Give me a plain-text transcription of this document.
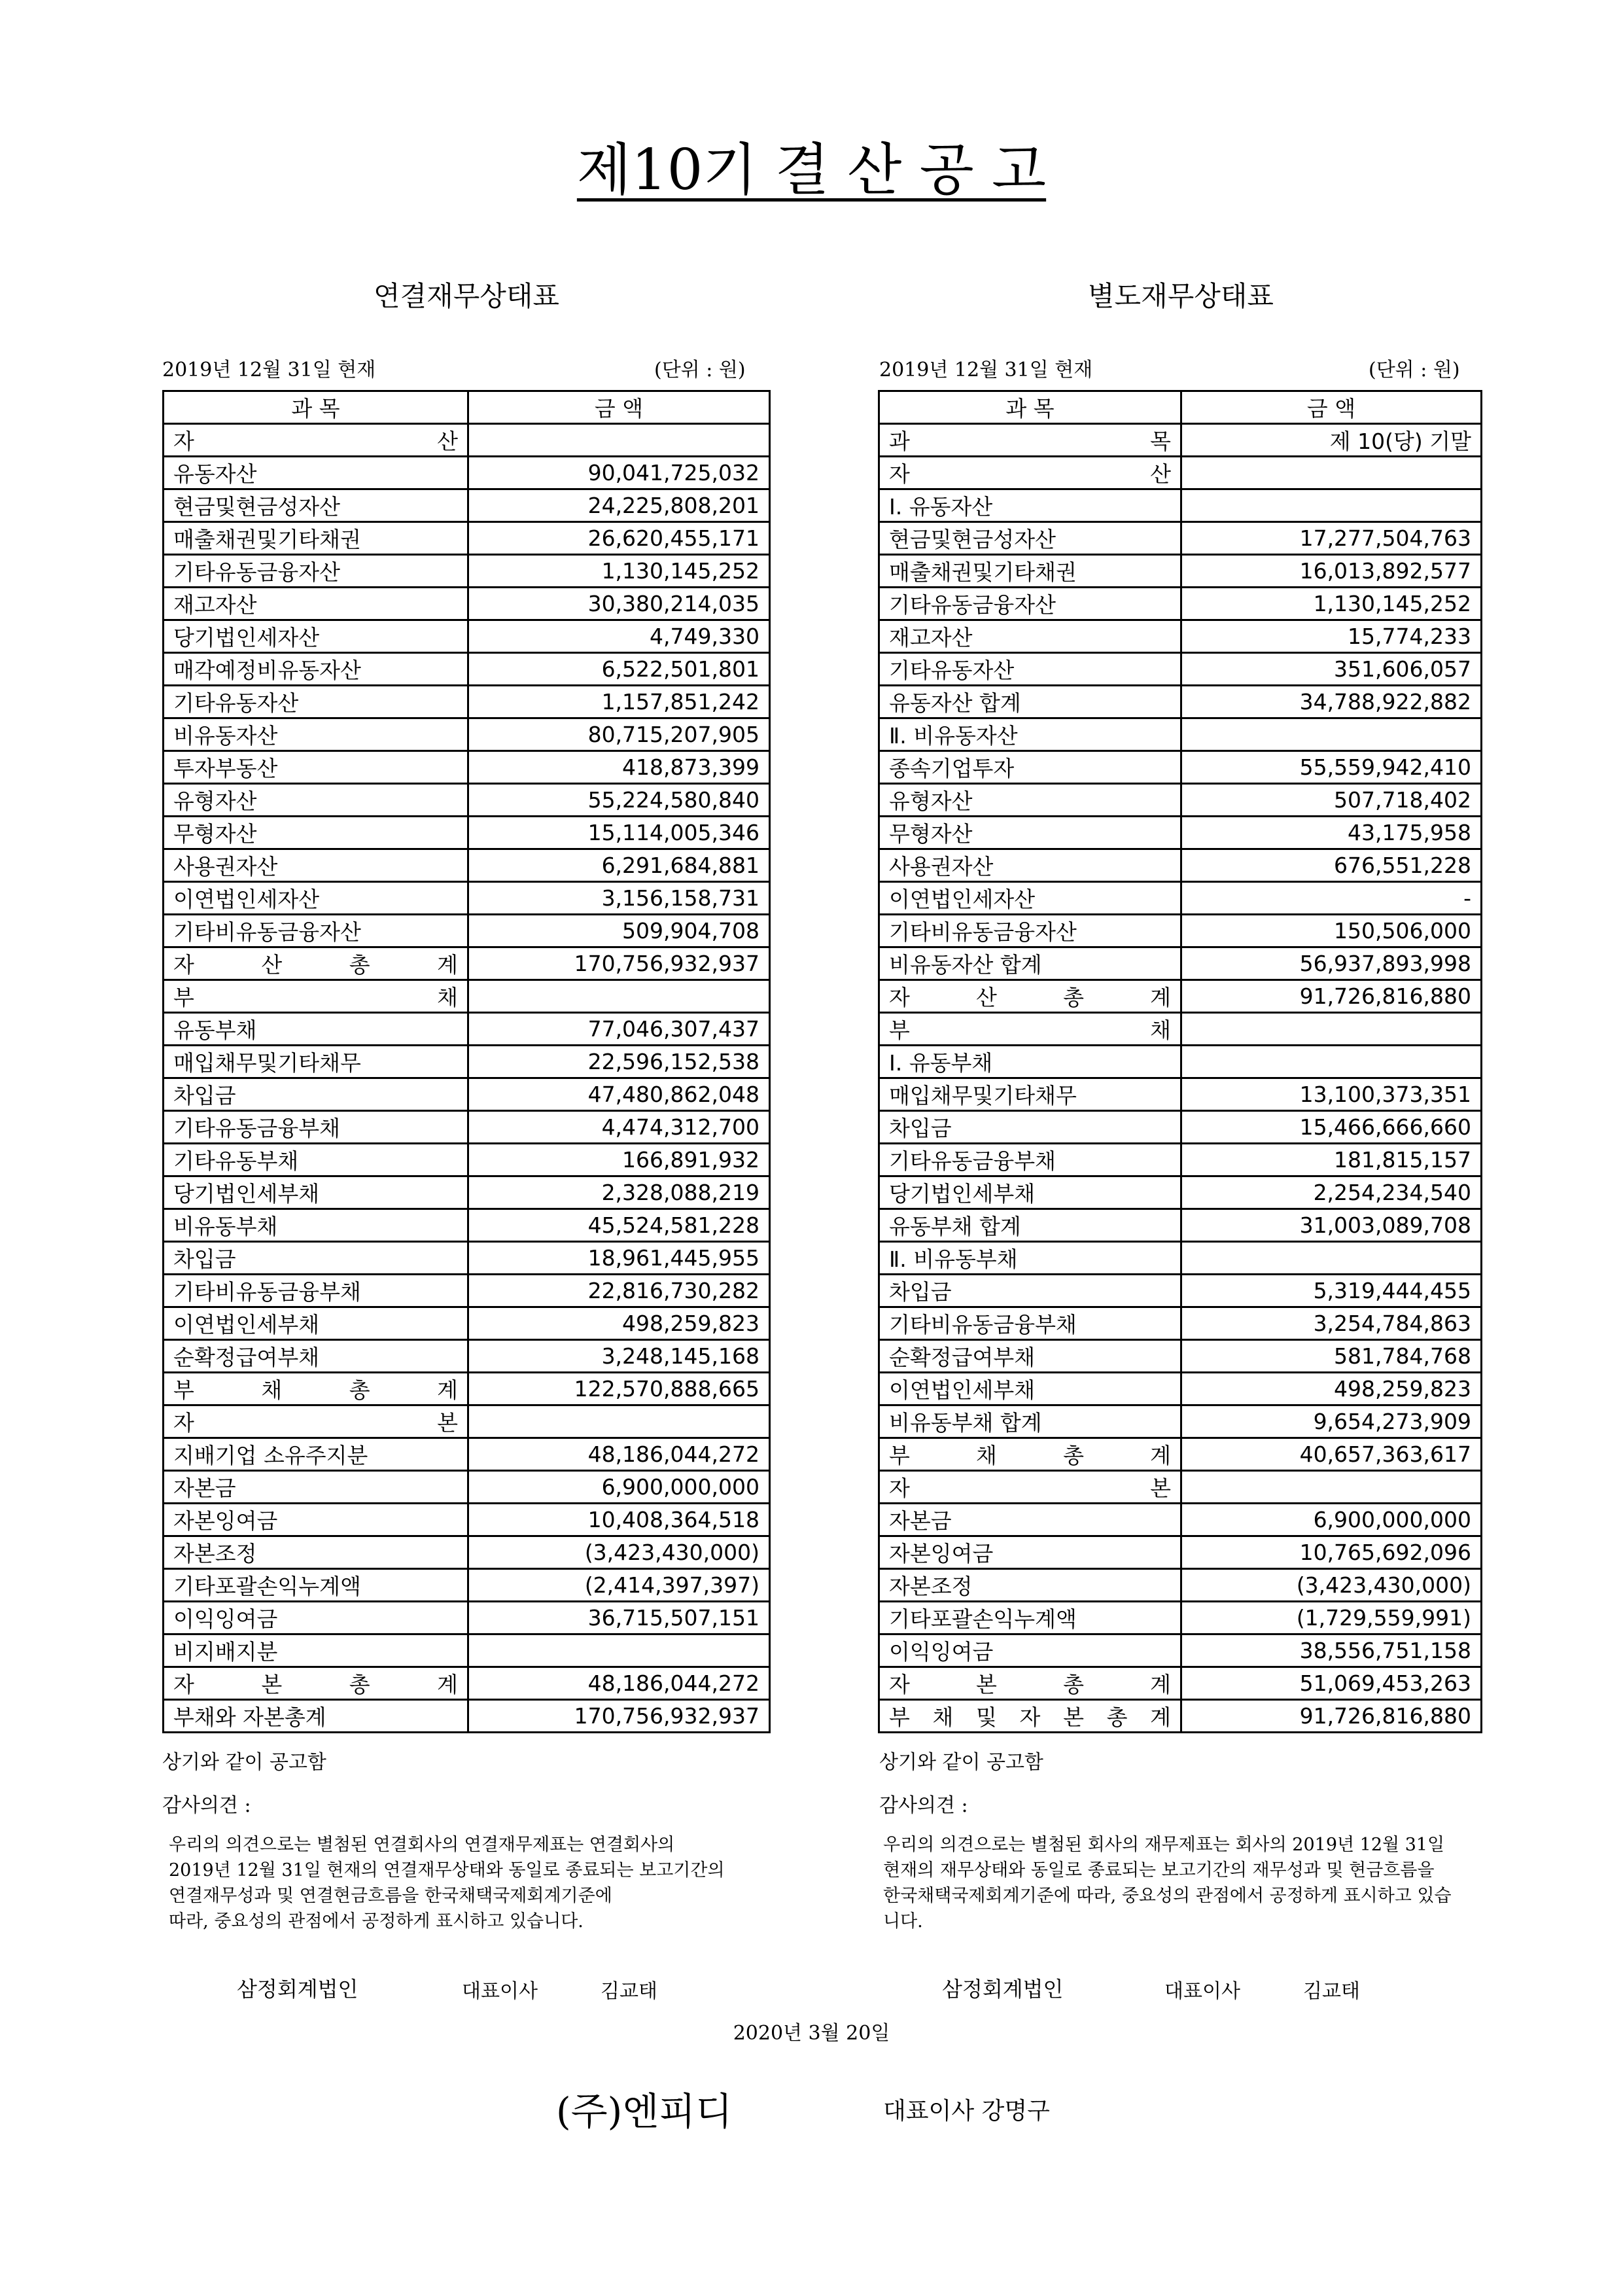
제10기 결 산 공 고
연결재무상태표
2019년 12월 31일 현재	(단위 : 원)
과 목	금 액
자 산	
유동자산	90,041,725,032
현금및현금성자산	24,225,808,201
매출채권및기타채권	26,620,455,171
기타유동금융자산	1,130,145,252
재고자산	30,380,214,035
당기법인세자산	4,749,330
매각예정비유동자산	6,522,501,801
기타유동자산	1,157,851,242
비유동자산	80,715,207,905
투자부동산	418,873,399
유형자산	55,224,580,840
무형자산	15,114,005,346
사용권자산	6,291,684,881
이연법인세자산	3,156,158,731
기타비유동금융자산	509,904,708
자 산 총 계	170,756,932,937
부 채	
유동부채	77,046,307,437
매입채무및기타채무	22,596,152,538
차입금	47,480,862,048
기타유동금융부채	4,474,312,700
기타유동부채	166,891,932
당기법인세부채	2,328,088,219
비유동부채	45,524,581,228
차입금	18,961,445,955
기타비유동금융부채	22,816,730,282
이연법인세부채	498,259,823
순확정급여부채	3,248,145,168
부 채 총 계	122,570,888,665
자 본	
지배기업 소유주지분	48,186,044,272
자본금	6,900,000,000
자본잉여금	10,408,364,518
자본조정	(3,423,430,000)
기타포괄손익누계액	(2,414,397,397)
이익잉여금	36,715,507,151
비지배지분	
자 본 총 계	48,186,044,272
부채와 자본총계	170,756,932,937
상기와 같이 공고함
감사의견 :
우리의 의견으로는 별첨된 연결회사의 연결재무제표는 연결회사의
2019년 12월 31일 현재의 연결재무상태와 동일로 종료되는 보고기간의
연결재무성과 및 연결현금흐름을 한국채택국제회계기준에
따라, 중요성의 관점에서 공정하게 표시하고 있습니다.
삼정회계법인	대표이사	김교태
별도재무상태표
2019년 12월 31일 현재	(단위 : 원)
과 목	금 액
과 목	제 10(당) 기말
자 산	
Ⅰ. 유동자산	
현금및현금성자산	17,277,504,763
매출채권및기타채권	16,013,892,577
기타유동금융자산	1,130,145,252
재고자산	15,774,233
기타유동자산	351,606,057
유동자산 합계	34,788,922,882
Ⅱ. 비유동자산	
종속기업투자	55,559,942,410
유형자산	507,718,402
무형자산	43,175,958
사용권자산	676,551,228
이연법인세자산	-
기타비유동금융자산	150,506,000
비유동자산 합계	56,937,893,998
자 산 총 계	91,726,816,880
부 채	
Ⅰ. 유동부채	
매입채무및기타채무	13,100,373,351
차입금	15,466,666,660
기타유동금융부채	181,815,157
당기법인세부채	2,254,234,540
유동부채 합계	31,003,089,708
Ⅱ. 비유동부채	
차입금	5,319,444,455
기타비유동금융부채	3,254,784,863
순확정급여부채	581,784,768
이연법인세부채	498,259,823
비유동부채 합계	9,654,273,909
부 채 총 계	40,657,363,617
자 본	
자본금	6,900,000,000
자본잉여금	10,765,692,096
자본조정	(3,423,430,000)
기타포괄손익누계액	(1,729,559,991)
이익잉여금	38,556,751,158
자 본 총 계	51,069,453,263
부 채 및 자 본 총 계	91,726,816,880
상기와 같이 공고함
감사의견 :
우리의 의견으로는 별첨된 회사의 재무제표는 회사의 2019년 12월 31일
현재의 재무상태와 동일로 종료되는 보고기간의 재무성과 및 현금흐름을
한국채택국제회계기준에 따라, 중요성의 관점에서 공정하게 표시하고 있습
니다.
삼정회계법인	대표이사	김교태
2020년 3월 20일
(주)엔피디	대표이사 강명구
